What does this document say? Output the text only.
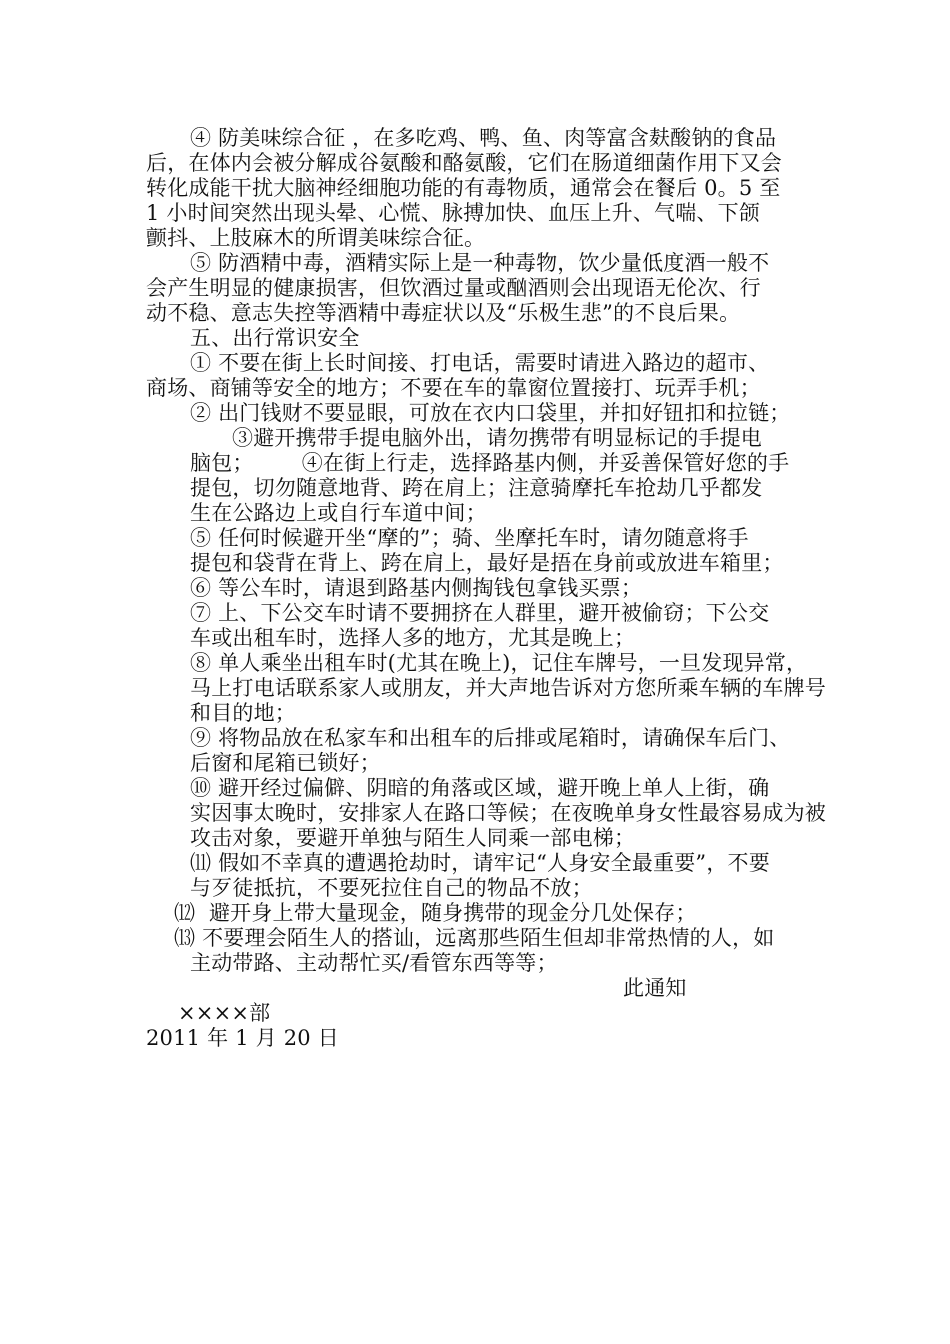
④ 防美味综合征 ，在多吃鸡、鸭、鱼、肉等富含麸酸钠的食品
后，在体内会被分解成谷氨酸和酪氨酸，它们在肠道细菌作用下又会
转化成能干扰大脑神经细胞功能的有毒物质，通常会在餐后 0。5 至
1 小时间突然出现头晕、心慌、脉搏加快、血压上升、气喘、下颌
颤抖、上肢麻木的所谓美味综合征。
⑤ 防酒精中毒，酒精实际上是一种毒物，饮少量低度酒一般不
会产生明显的健康损害，但饮酒过量或酗酒则会出现语无伦次、行
动不稳、意志失控等酒精中毒症状以及“乐极生悲”的不良后果。
五、出行常识安全
① 不要在街上长时间接、打电话，需要时请进入路边的超市、
商场、商铺等安全的地方；不要在车的靠窗位置接打、玩弄手机；
② 出门钱财不要显眼，可放在衣内口袋里，并扣好钮扣和拉链；
③避开携带手提电脑外出，请勿携带有明显标记的手提电
脑包；       ④在街上行走，选择路基内侧，并妥善保管好您的手
提包，切勿随意地背、跨在肩上；注意骑摩托车抢劫几乎都发
生在公路边上或自行车道中间；
⑤ 任何时候避开坐“摩的”；骑、坐摩托车时，请勿随意将手
提包和袋背在背上、跨在肩上，最好是捂在身前或放进车箱里；
⑥ 等公车时，请退到路基内侧掏钱包拿钱买票；
⑦ 上、下公交车时请不要拥挤在人群里，避开被偷窃；下公交
车或出租车时，选择人多的地方，尤其是晚上；
⑧ 单人乘坐出租车时(尤其在晚上)，记住车牌号，一旦发现异常，
马上打电话联系家人或朋友，并大声地告诉对方您所乘车辆的车牌号
和目的地；
⑨ 将物品放在私家车和出租车的后排或尾箱时，请确保车后门、
后窗和尾箱已锁好；
⑩ 避开经过偏僻、阴暗的角落或区域，避开晚上单人上街，确
实因事太晚时，安排家人在路口等候；在夜晚单身女性最容易成为被
攻击对象，要避开单独与陌生人同乘一部电梯；
⑾ 假如不幸真的遭遇抢劫时，请牢记“人身安全最重要”，不要
与歹徒抵抗，不要死拉住自己的物品不放；
⑿  避开身上带大量现金，随身携带的现金分几处保存；
⒀ 不要理会陌生人的搭讪，远离那些陌生但却非常热情的人，如
主动带路、主动帮忙买/看管东西等等；
此通知
××××部
2011 年 1 月 20 日
